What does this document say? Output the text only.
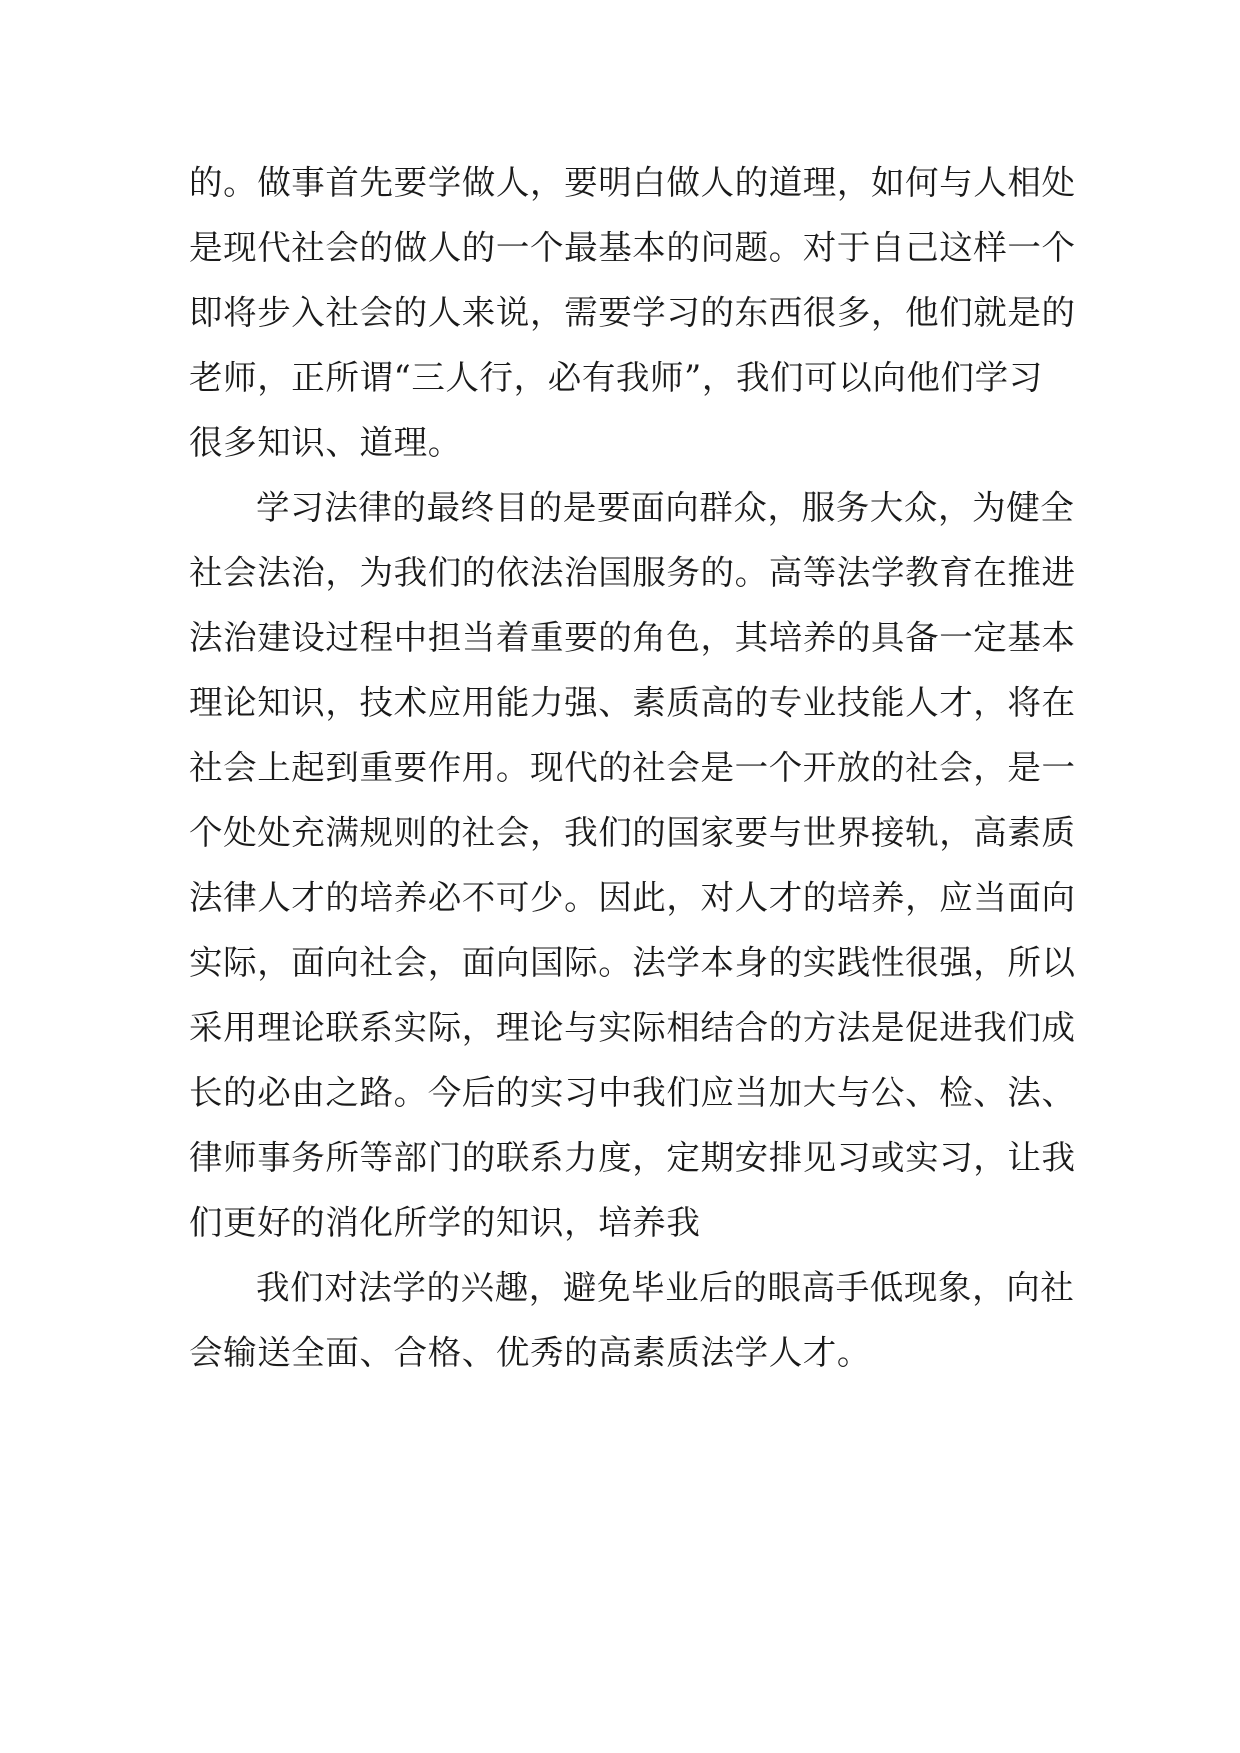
的。做事首先要学做人，要明白做人的道理，如何与人相处
是现代社会的做人的一个最基本的问题。对于自己这样一个
即将步入社会的人来说，需要学习的东西很多，他们就是的
老师，正所谓“三人行，必有我师”，我们可以向他们学习
很多知识、道理。
学习法律的最终目的是要面向群众，服务大众，为健全
社会法治，为我们的依法治国服务的。高等法学教育在推进
法治建设过程中担当着重要的角色，其培养的具备一定基本
理论知识，技术应用能力强、素质高的专业技能人才，将在
社会上起到重要作用。现代的社会是一个开放的社会，是一
个处处充满规则的社会，我们的国家要与世界接轨，高素质
法律人才的培养必不可少。因此，对人才的培养，应当面向
实际，面向社会，面向国际。法学本身的实践性很强，所以
采用理论联系实际，理论与实际相结合的方法是促进我们成
长的必由之路。今后的实习中我们应当加大与公、检、法、
律师事务所等部门的联系力度，定期安排见习或实习，让我
们更好的消化所学的知识，培养我
我们对法学的兴趣，避免毕业后的眼高手低现象，向社
会输送全面、合格、优秀的高素质法学人才。
